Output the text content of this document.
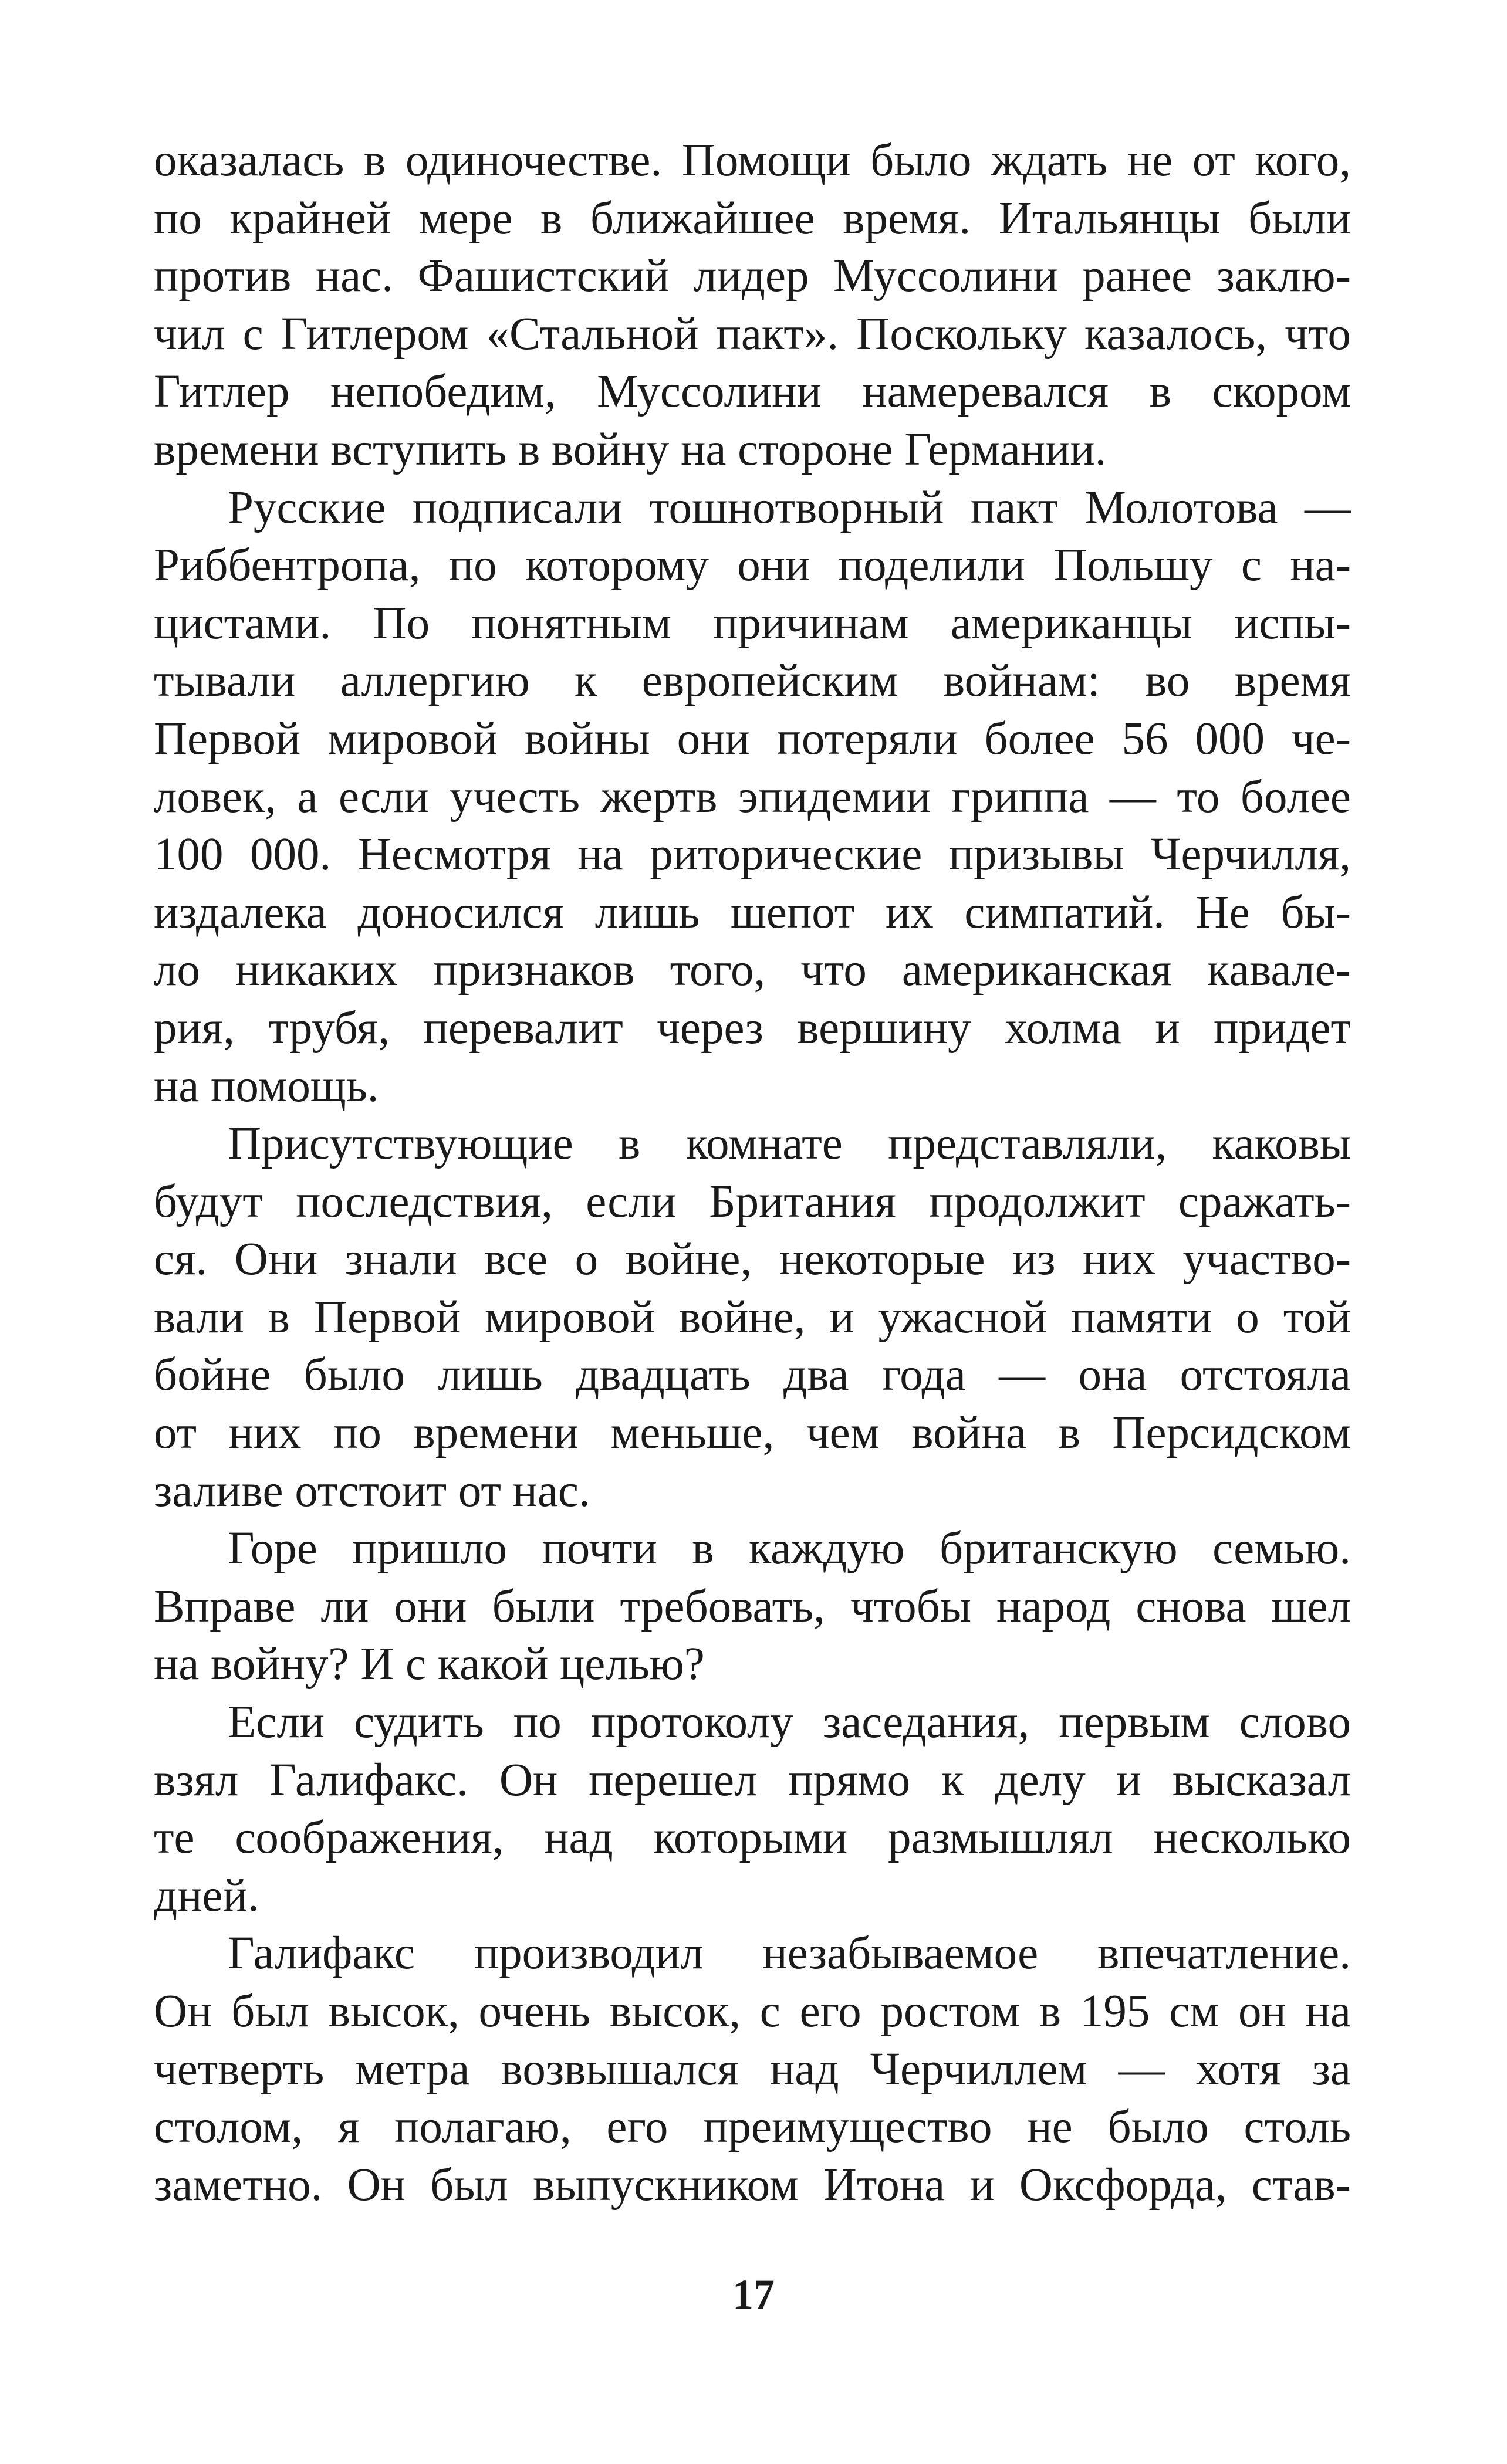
оказалась в одиночестве. Помощи было ждать не от кого,
по крайней мере в ближайшее время. Итальянцы были
против нас. Фашистский лидер Муссолини ранее заклю-
чил с Гитлером «Стальной пакт». Поскольку казалось, что
Гитлер непобедим, Муссолини намеревался в скором
времени вступить в войну на стороне Германии.
Русские подписали тошнотворный пакт Молотова —
Риббентропа, по которому они поделили Польшу с на-
цистами. По понятным причинам американцы испы-
тывали аллергию к европейским войнам: во время
Первой мировой войны они потеряли более 56 000 че-
ловек, а если учесть жертв эпидемии гриппа — то более
100 000. Несмотря на риторические призывы Черчилля,
издалека доносился лишь шепот их симпатий. Не бы-
ло никаких признаков того, что американская кавале-
рия, трубя, перевалит через вершину холма и придет
на помощь.
Присутствующие в комнате представляли, каковы
будут последствия, если Британия продолжит сражать-
ся. Они знали все о войне, некоторые из них участво-
вали в Первой мировой войне, и ужасной памяти о той
бойне было лишь двадцать два года — она отстояла
от них по времени меньше, чем война в Персидском
заливе отстоит от нас.
Горе пришло почти в каждую британскую семью.
Вправе ли они были требовать, чтобы народ снова шел
на войну? И с какой целью?
Если судить по протоколу заседания, первым слово
взял Галифакс. Он перешел прямо к делу и высказал
те соображения, над которыми размышлял несколько
дней.
Галифакс производил незабываемое впечатление.
Он был высок, очень высок, с его ростом в 195 см он на
четверть метра возвышался над Черчиллем — хотя за
столом, я полагаю, его преимущество не было столь
заметно. Он был выпускником Итона и Оксфорда, став-
17
